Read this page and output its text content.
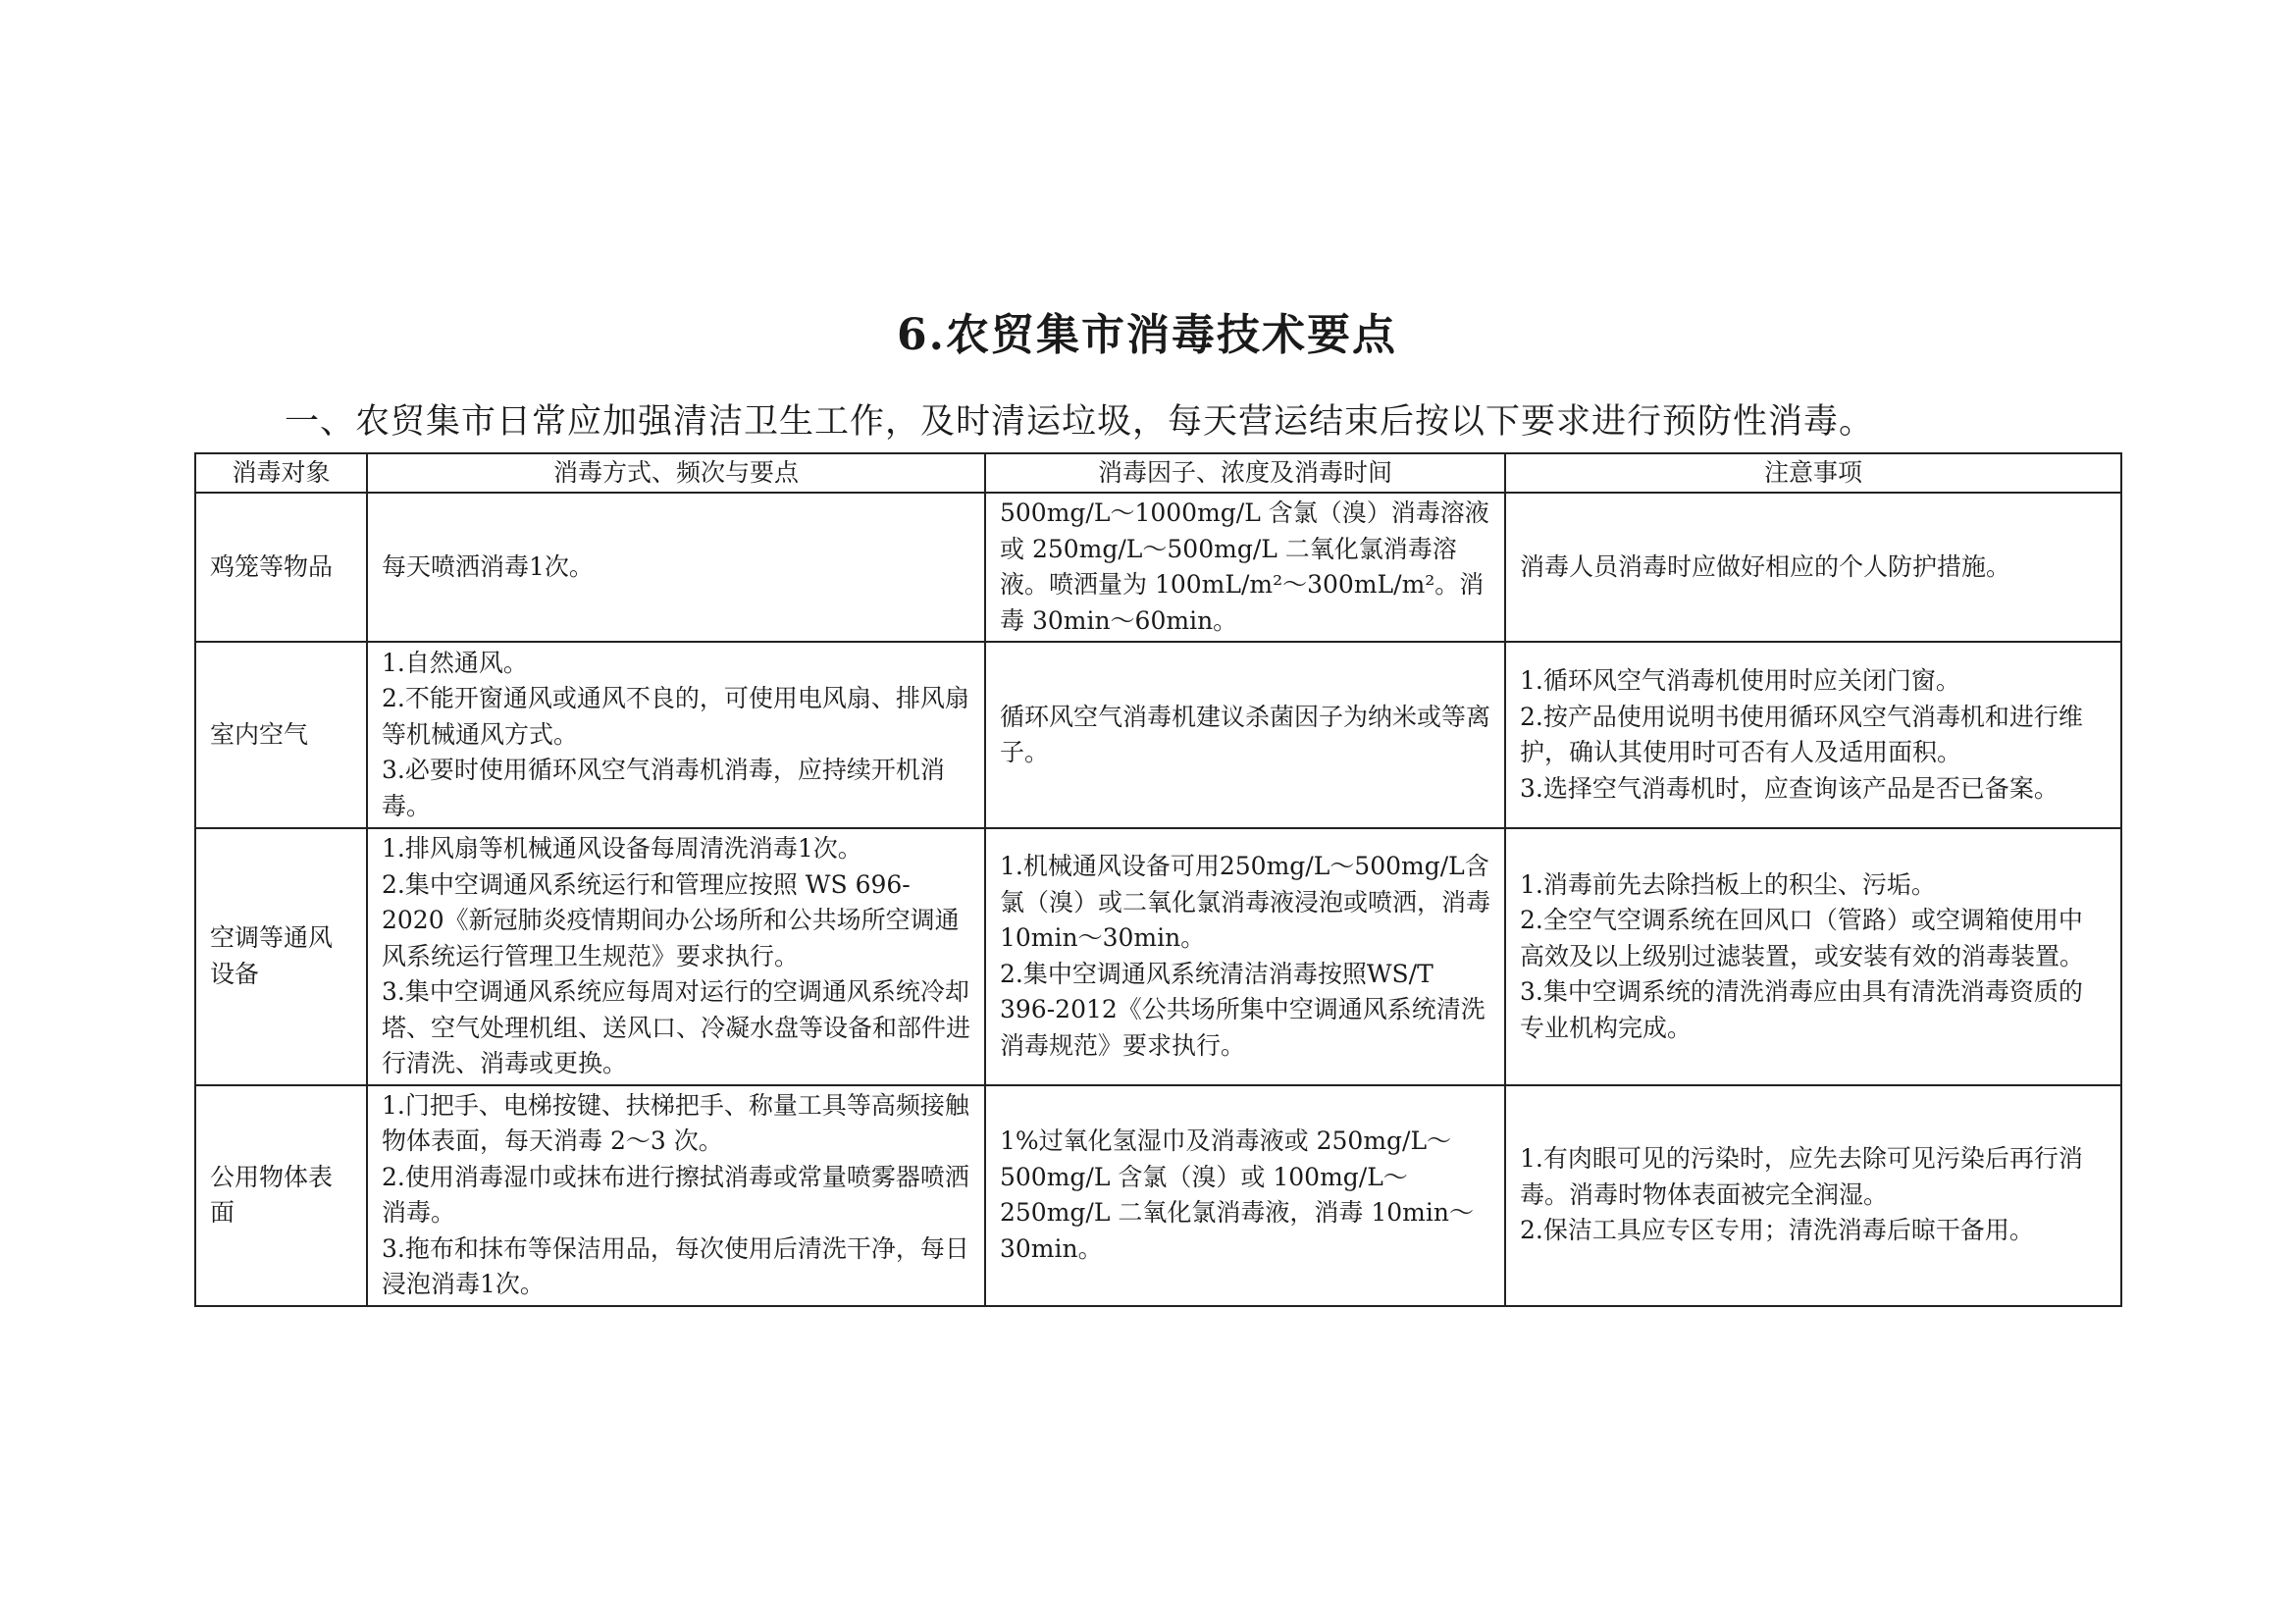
6.农贸集市消毒技术要点
一、农贸集市日常应加强清洁卫生工作，及时清运垃圾，每天营运结束后按以下要求进行预防性消毒。
消毒对象	消毒方式、频次与要点	消毒因子、浓度及消毒时间	注意事项
鸡笼等物品	每天喷洒消毒1次。	500mg/L～1000mg/L 含氯（溴）消毒溶液或 250mg/L～500mg/L 二氧化氯消毒溶液。喷洒量为 100mL/m²～300mL/m²。消毒 30min～60min。	消毒人员消毒时应做好相应的个人防护措施。

室内空气	1.自然通风。
2.不能开窗通风或通风不良的，可使用电风扇、排风扇等机械通风方式。
3.必要时使用循环风空气消毒机消毒，应持续开机消毒。	循环风空气消毒机建议杀菌因子为纳米或等离子。	1.循环风空气消毒机使用时应关闭门窗。
2.按产品使用说明书使用循环风空气消毒机和进行维护，确认其使用时可否有人及适用面积。
3.选择空气消毒机时，应查询该产品是否已备案。

空调等通风设备	1.排风扇等机械通风设备每周清洗消毒1次。
2.集中空调通风系统运行和管理应按照 WS 696-2020《新冠肺炎疫情期间办公场所和公共场所空调通风系统运行管理卫生规范》要求执行。
3.集中空调通风系统应每周对运行的空调通风系统冷却塔、空气处理机组、送风口、冷凝水盘等设备和部件进行清洗、消毒或更换。	1.机械通风设备可用250mg/L～500mg/L含氯（溴）或二氧化氯消毒液浸泡或喷洒，消毒 10min～30min。
2.集中空调通风系统清洁消毒按照WS/T 396-2012《公共场所集中空调通风系统清洗消毒规范》要求执行。	1.消毒前先去除挡板上的积尘、污垢。
2.全空气空调系统在回风口（管路）或空调箱使用中高效及以上级别过滤装置，或安装有效的消毒装置。
3.集中空调系统的清洗消毒应由具有清洗消毒资质的专业机构完成。

公用物体表面	1.门把手、电梯按键、扶梯把手、称量工具等高频接触物体表面，每天消毒 2～3 次。
2.使用消毒湿巾或抹布进行擦拭消毒或常量喷雾器喷洒消毒。
3.拖布和抹布等保洁用品，每次使用后清洗干净，每日浸泡消毒1次。	1%过氧化氢湿巾及消毒液或 250mg/L～500mg/L 含氯（溴）或 100mg/L～250mg/L 二氧化氯消毒液，消毒 10min～30min。	1.有肉眼可见的污染时，应先去除可见污染后再行消毒。消毒时物体表面被完全润湿。
2.保洁工具应专区专用；清洗消毒后晾干备用。
